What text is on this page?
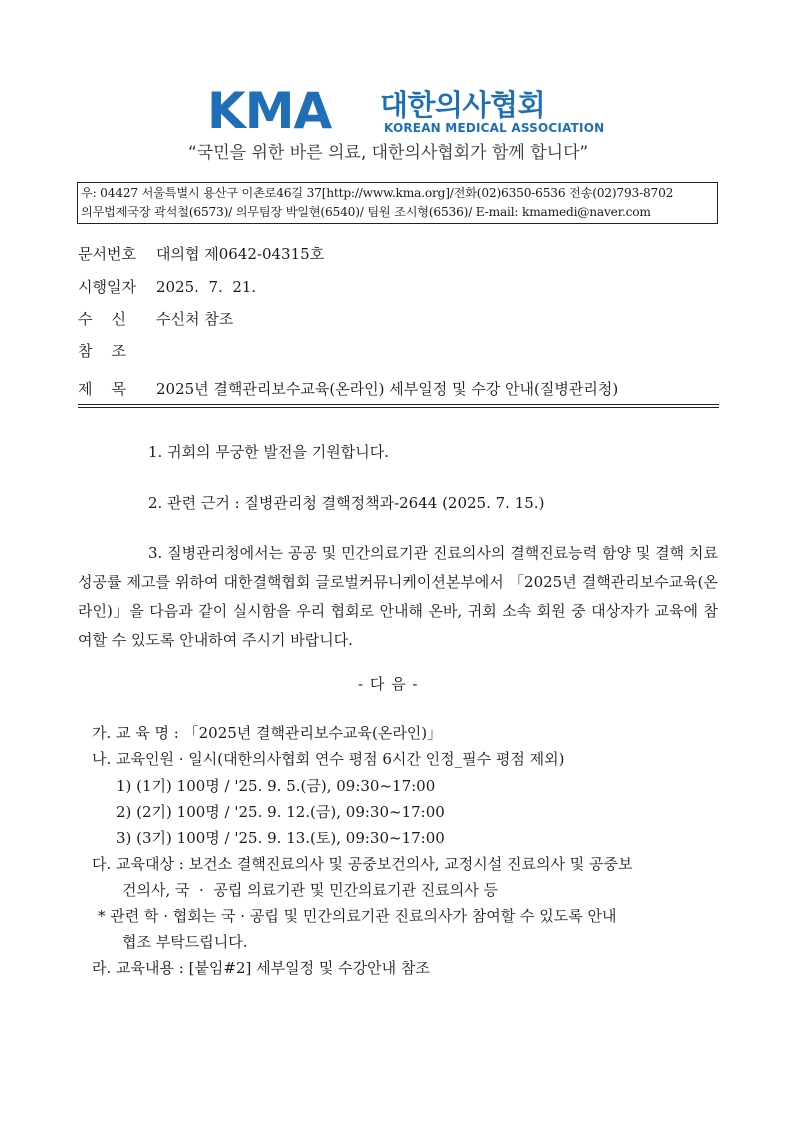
KMA 대한의사협회
KOREAN MEDICAL ASSOCIATION
“국민을 위한 바른 의료, 대한의사협회가 함께 합니다”
우: 04427 서울특별시 용산구 이촌로46길 37[http://www.kma.org]/전화(02)6350-6536 전송(02)793-8702
의무법제국장 곽석철(6573)/ 의무팀장 박일현(6540)/ 팀원 조시형(6536)/ E-mail: kmamedi@naver.com
문서번호 대의협 제0642-04315호
시행일자 2025.  7.  21.
수    신 수신처 참조
참    조
제    목 2025년 결핵관리보수교육(온라인) 세부일정 및 수강 안내(질병관리청)
1. 귀회의 무궁한 발전을 기원합니다.
2. 관련 근거 : 질병관리청 결핵정책과-2644 (2025. 7. 15.)
3. 질병관리청에서는 공공 및 민간의료기관 진료의사의 결핵진료능력 함양 및 결핵 치료성공률 제고를 위하여 대한결핵협회 글로벌커뮤니케이션본부에서 「2025년 결핵관리보수교육(온라인)」을 다음과 같이 실시함을 우리 협회로 안내해 온바, 귀회 소속 회원 중 대상자가 교육에 참여할 수 있도록 안내하여 주시기 바랍니다.
- 다 음 -
가. 교 육 명 : 「2025년 결핵관리보수교육(온라인)」
나. 교육인원 · 일시(대한의사협회 연수 평점 6시간 인정_필수 평점 제외)
1) (1기) 100명 / '25. 9. 5.(금), 09:30~17:00
2) (2기) 100명 / '25. 9. 12.(금), 09:30~17:00
3) (3기) 100명 / '25. 9. 13.(토), 09:30~17:00
다. 교육대상 : 보건소 결핵진료의사 및 공중보건의사, 교정시설 진료의사 및 공중보
건의사, 국  ·  공립 의료기관 및 민간의료기관 진료의사 등
* 관련 학 · 협회는 국 · 공립 및 민간의료기관 진료의사가 참여할 수 있도록 안내
협조 부탁드립니다.
라. 교육내용 : [붙임#2] 세부일정 및 수강안내 참조
